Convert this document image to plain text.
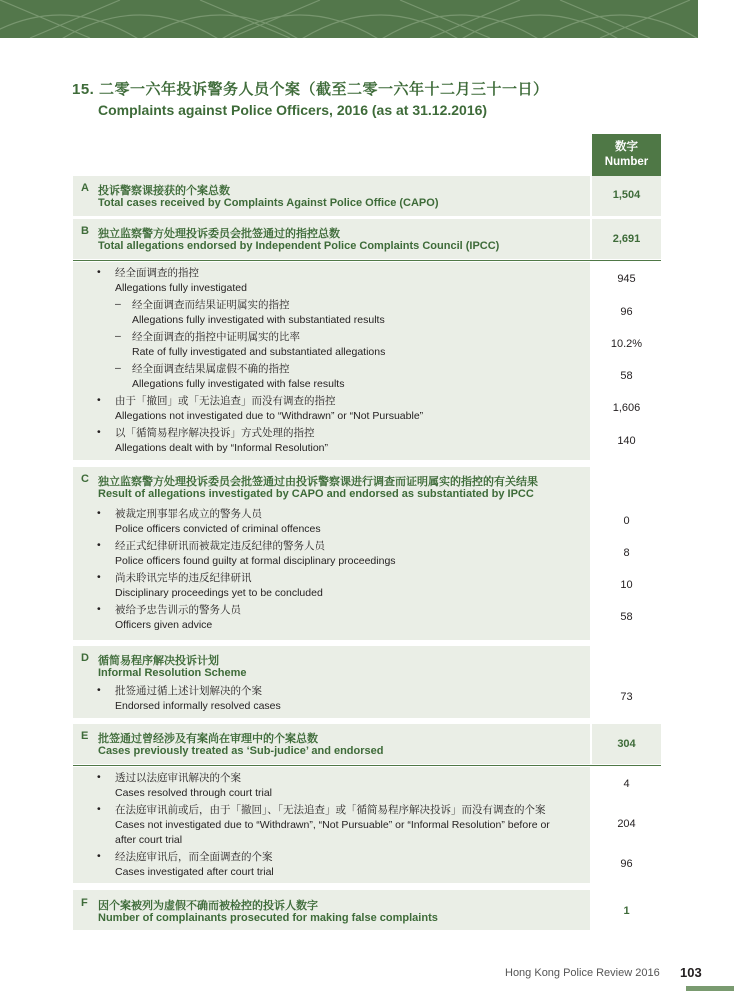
15. 二零一六年投诉警务人员个案（截至二零一六年十二月三十一日）
Complaints against Police Officers, 2016 (as at 31.12.2016)
数字
Number
A 投诉警察课接获的个案总数
Total cases received by Complaints Against Police Office (CAPO)
1,504
B 独立监察警方处理投诉委员会批签通过的指控总数
Total allegations endorsed by Independent Police Complaints Council (IPCC)
2,691
• 经全面调查的指控
Allegations fully investigated
– 经全面调查而结果证明属实的指控
Allegations fully investigated with substantiated results
– 经全面调查的指控中证明属实的比率
Rate of fully investigated and substantiated allegations
– 经全面调查结果属虚假不确的指控
Allegations fully investigated with false results
• 由于「撤回」或「无法追查」而没有调查的指控
Allegations not investigated due to “Withdrawn” or “Not Pursuable”
• 以「循简易程序解决投诉」方式处理的指控
Allegations dealt with by “Informal Resolution”
945
96
10.2%
58
1,606
140
C 独立监察警方处理投诉委员会批签通过由投诉警察课进行调查而证明属实的指控的有关结果
Result of allegations investigated by CAPO and endorsed as substantiated by IPCC
• 被裁定刑事罪名成立的警务人员
Police officers convicted of criminal offences
• 经正式纪律研讯而被裁定违反纪律的警务人员
Police officers found guilty at formal disciplinary proceedings
• 尚未聆讯完毕的违反纪律研讯
Disciplinary proceedings yet to be concluded
• 被给予忠告训示的警务人员
Officers given advice
0
8
10
58
D 循简易程序解决投诉计划
Informal Resolution Scheme
• 批签通过循上述计划解决的个案
Endorsed informally resolved cases
73
E 批签通过曾经涉及有案尚在审理中的个案总数
Cases previously treated as ‘Sub-judice’ and endorsed
304
• 透过以法庭审讯解决的个案
Cases resolved through court trial
• 在法庭审讯前或后，由于「撤回」、「无法追查」或「循简易程序解决投诉」而没有调查的个案
Cases not investigated due to “Withdrawn”, “Not Pursuable” or “Informal Resolution” before or
after court trial
• 经法庭审讯后，而全面调查的个案
Cases investigated after court trial
4
204
96
F 因个案被列为虚假不确而被检控的投诉人数字
Number of complainants prosecuted for making false complaints
1
Hong Kong Police Review 2016 103
